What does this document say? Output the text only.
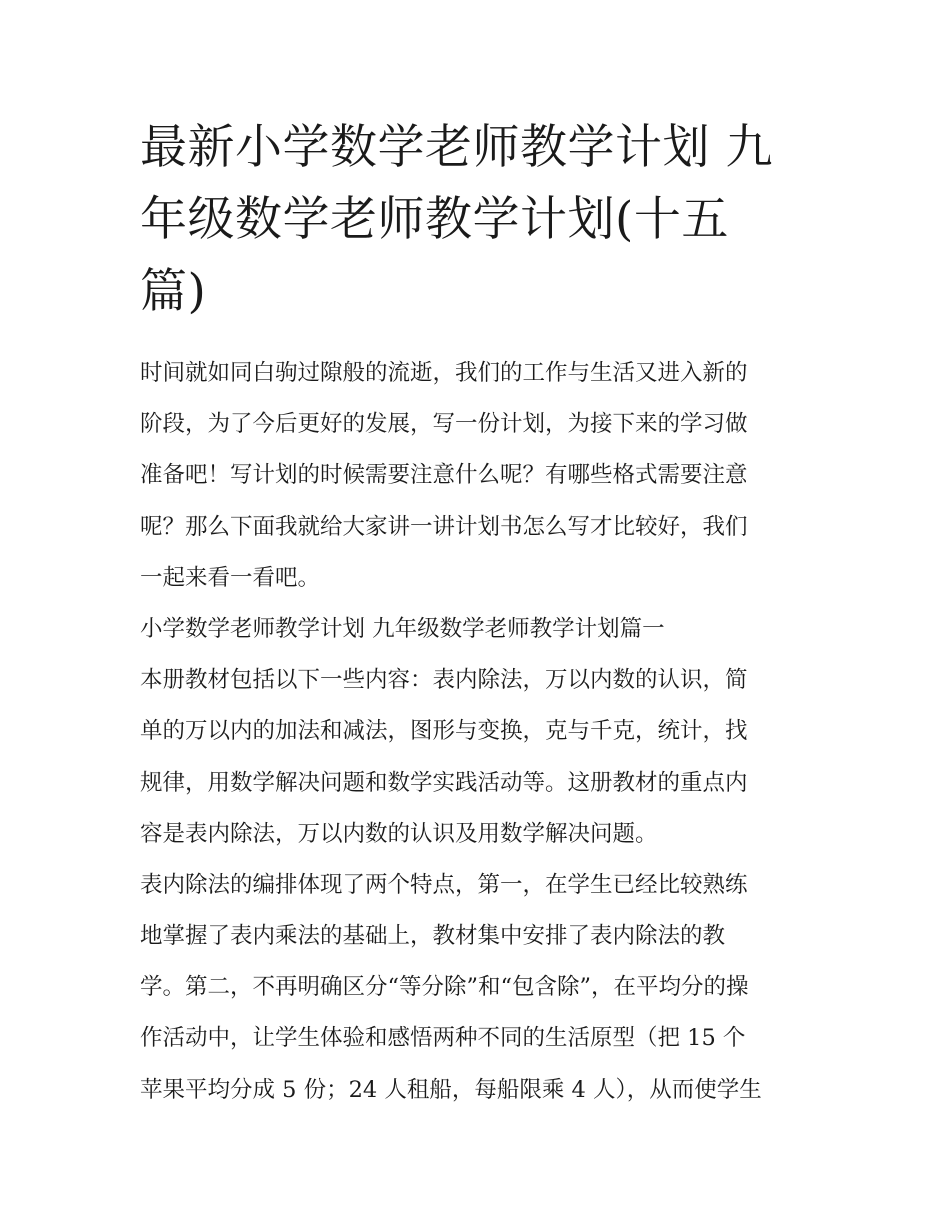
最新小学数学老师教学计划 九
年级数学老师教学计划(十五
篇)
时间就如同白驹过隙般的流逝，我们的工作与生活又进入新的
阶段，为了今后更好的发展，写一份计划，为接下来的学习做
准备吧！写计划的时候需要注意什么呢？有哪些格式需要注意
呢？那么下面我就给大家讲一讲计划书怎么写才比较好，我们
一起来看一看吧。
小学数学老师教学计划 九年级数学老师教学计划篇一
本册教材包括以下一些内容：表内除法，万以内数的认识，简
单的万以内的加法和减法，图形与变换，克与千克，统计，找
规律，用数学解决问题和数学实践活动等。这册教材的重点内
容是表内除法，万以内数的认识及用数学解决问题。
表内除法的编排体现了两个特点，第一，在学生已经比较熟练
地掌握了表内乘法的基础上，教材集中安排了表内除法的教
学。第二，不再明确区分“等分除”和“包含除”，在平均分的操
作活动中，让学生体验和感悟两种不同的生活原型（把 15 个
苹果平均分成 5 份；24 人租船，每船限乘 4 人），从而使学生
